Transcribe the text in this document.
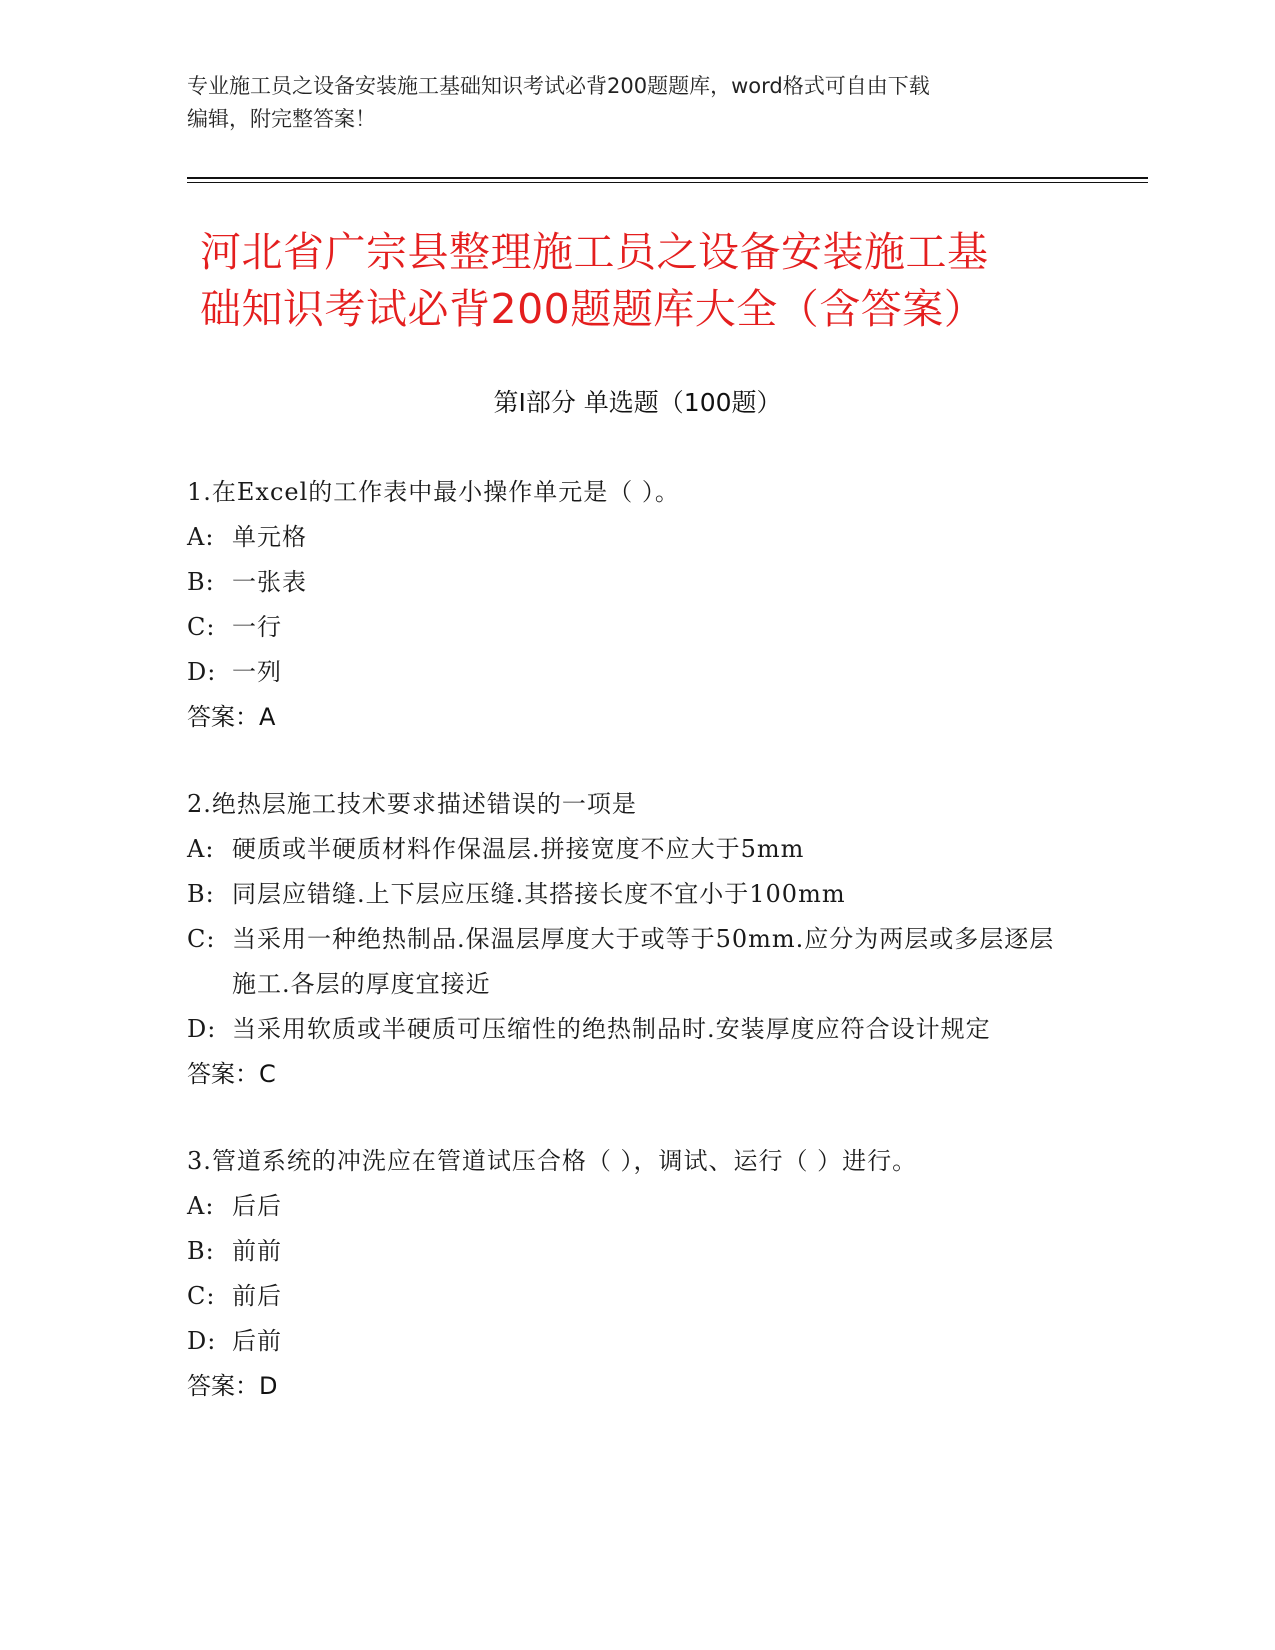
专业施工员之设备安装施工基础知识考试必背200题题库，word格式可自由下载
编辑，附完整答案！
河北省广宗县整理施工员之设备安装施工基
础知识考试必背200题题库大全（含答案）
第I部分 单选题（100题）
1.在Excel的工作表中最小操作单元是（ ）。
A: 单元格
B: 一张表
C: 一行
D: 一列
答案：A
2.绝热层施工技术要求描述错误的一项是
A: 硬质或半硬质材料作保温层.拼接宽度不应大于5mm
B: 同层应错缝.上下层应压缝.其搭接长度不宜小于100mm
C: 当采用一种绝热制品.保温层厚度大于或等于50mm.应分为两层或多层逐层施工.各层的厚度宜接近
D: 当采用软质或半硬质可压缩性的绝热制品时.安装厚度应符合设计规定
答案：C
3.管道系统的冲洗应在管道试压合格（ ），调试、运行（ ）进行。
A: 后后
B: 前前
C: 前后
D: 后前
答案：D
